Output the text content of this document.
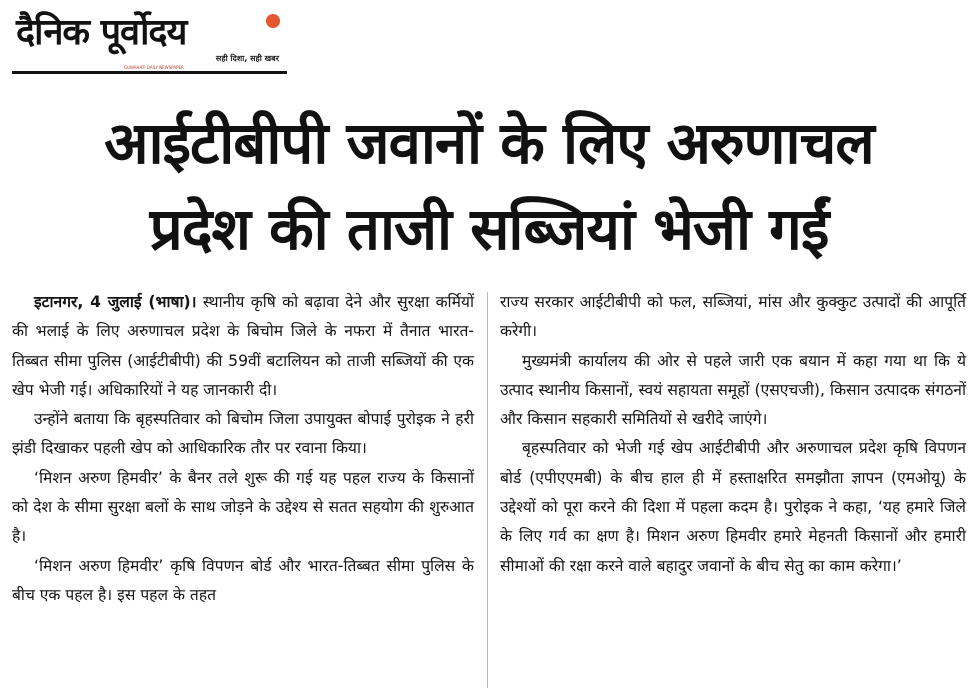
दैनिक पूर्वोदय
सही दिशा, सही खबर
GUWAHATI DAILY NEWSPAPER
आईटीबीपी जवानों के लिए अरुणाचल
प्रदेश की ताजी सब्जियां भेजी गईं

इटानगर, 4 जुलाई (भाषा)। स्थानीय कृषि को बढ़ावा देने और सुरक्षा कर्मियों की भलाई के लिए अरुणाचल प्रदेश के बिचोम जिले के नफरा में तैनात भारत-तिब्बत सीमा पुलिस (आईटीबीपी) की 59वीं बटालियन को ताजी सब्जियों की एक खेप भेजी गई। अधिकारियों ने यह जानकारी दी।

उन्होंने बताया कि बृहस्पतिवार को बिचोम जिला उपायुक्त बोपाई पुरोइक ने हरी झंडी दिखाकर पहली खेप को आधिकारिक तौर पर रवाना किया।

‘मिशन अरुण हिमवीर’ के बैनर तले शुरू की गई यह पहल राज्य के किसानों को देश के सीमा सुरक्षा बलों के साथ जोड़ने के उद्देश्य से सतत सहयोग की शुरुआत है।

‘मिशन अरुण हिमवीर’ कृषि विपणन बोर्ड और भारत-तिब्बत सीमा पुलिस के बीच एक पहल है। इस पहल के तहत

राज्य सरकार आईटीबीपी को फल, सब्जियां, मांस और कुक्कुट उत्पादों की आपूर्ति करेगी।

मुख्यमंत्री कार्यालय की ओर से पहले जारी एक बयान में कहा गया था कि ये उत्पाद स्थानीय किसानों, स्वयं सहायता समूहों (एसएचजी), किसान उत्पादक संगठनों और किसान सहकारी समितियों से खरीदे जाएंगे।

बृहस्पतिवार को भेजी गई खेप आईटीबीपी और अरुणाचल प्रदेश कृषि विपणन बोर्ड (एपीएएमबी) के बीच हाल ही में हस्ताक्षरित समझौता ज्ञापन (एमओयू) के उद्देश्यों को पूरा करने की दिशा में पहला कदम है। पुरोइक ने कहा, ‘यह हमारे जिले के लिए गर्व का क्षण है। मिशन अरुण हिमवीर हमारे मेहनती किसानों और हमारी सीमाओं की रक्षा करने वाले बहादुर जवानों के बीच सेतु का काम करेगा।’
